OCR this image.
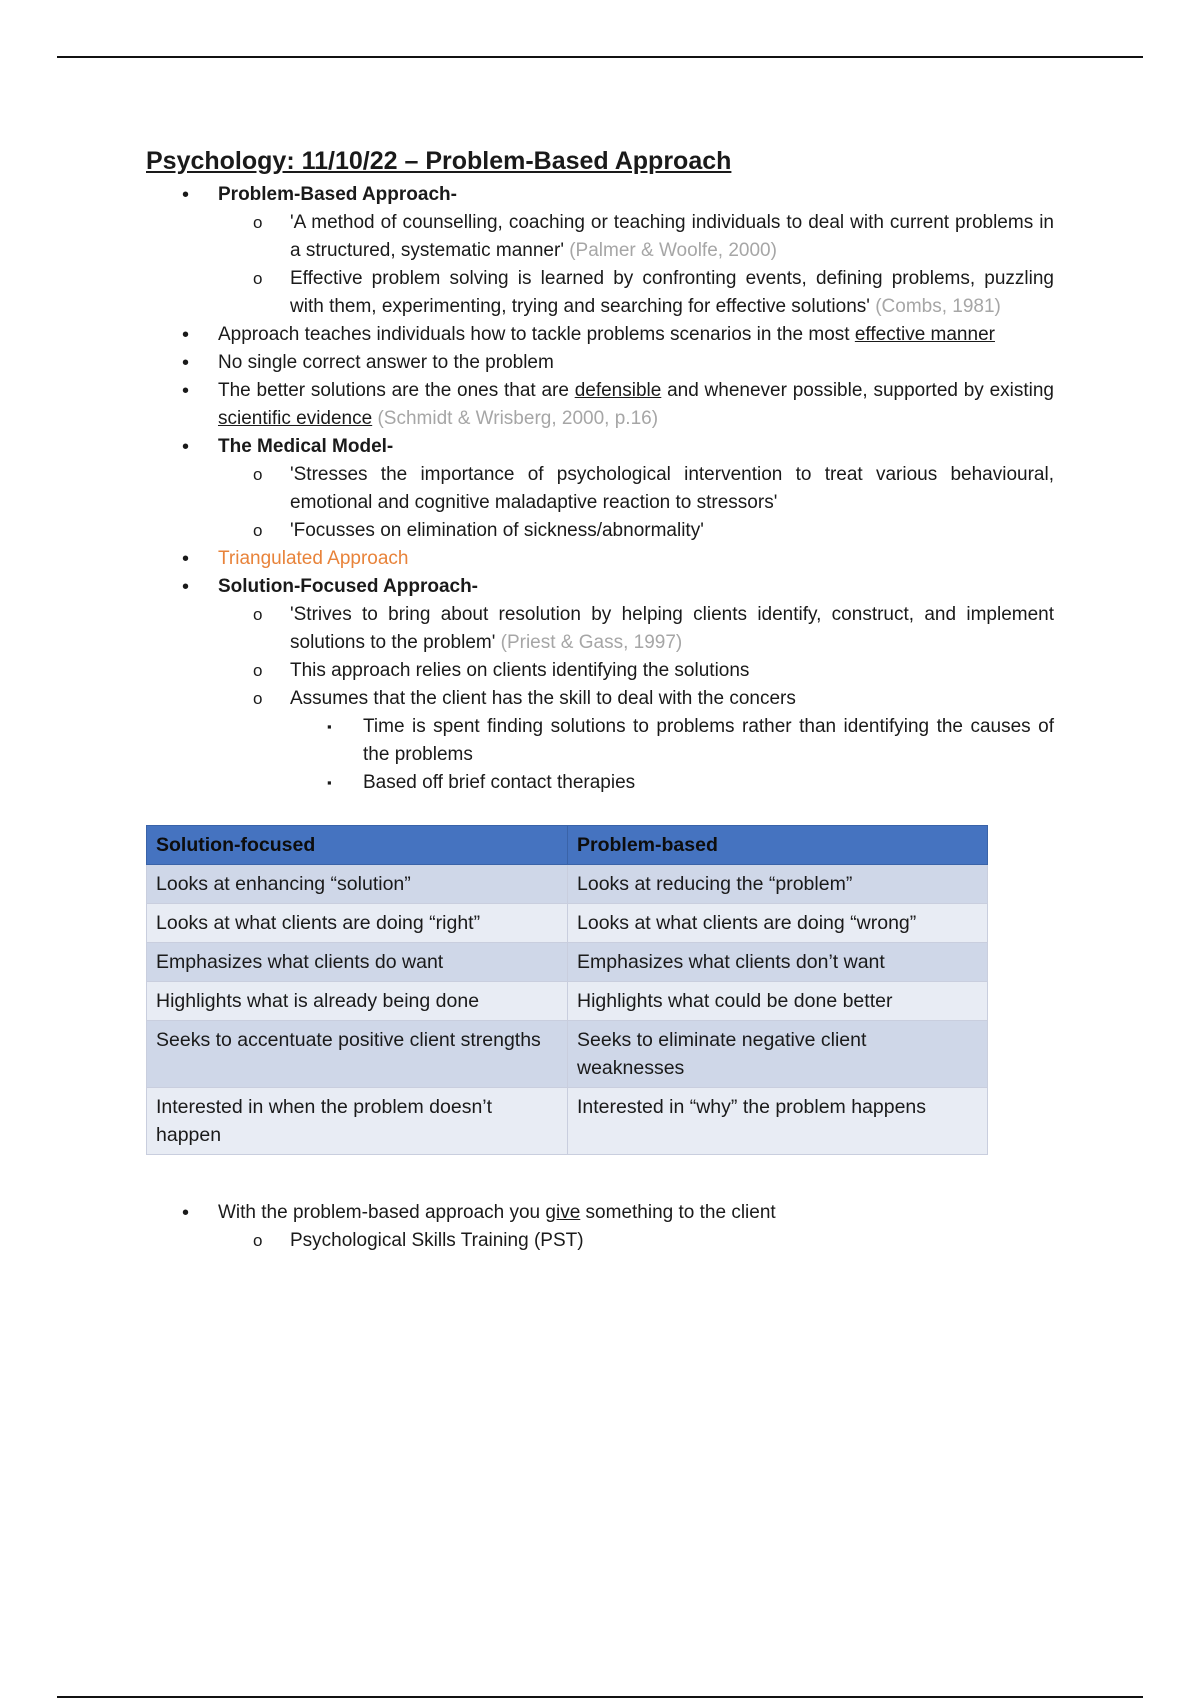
Psychology: 11/10/22 – Problem-Based Approach
• Problem-Based Approach-
o 'A method of counselling, coaching or teaching individuals to deal with current problems in a structured, systematic manner' (Palmer & Woolfe, 2000)
o Effective problem solving is learned by confronting events, defining problems, puzzling with them, experimenting, trying and searching for effective solutions' (Combs, 1981)
• Approach teaches individuals how to tackle problems scenarios in the most effective manner
• No single correct answer to the problem
• The better solutions are the ones that are defensible and whenever possible, supported by existing scientific evidence (Schmidt & Wrisberg, 2000, p.16)
• The Medical Model-
o 'Stresses the importance of psychological intervention to treat various behavioural, emotional and cognitive maladaptive reaction to stressors'
o 'Focusses on elimination of sickness/abnormality'
• Triangulated Approach
• Solution-Focused Approach-
o 'Strives to bring about resolution by helping clients identify, construct, and implement solutions to the problem' (Priest & Gass, 1997)
o This approach relies on clients identifying the solutions
o Assumes that the client has the skill to deal with the concers
▪ Time is spent finding solutions to problems rather than identifying the causes of the problems
▪ Based off brief contact therapies
Solution-focused	Problem-based
Looks at enhancing “solution”	Looks at reducing the “problem”
Looks at what clients are doing “right”	Looks at what clients are doing “wrong”
Emphasizes what clients do want	Emphasizes what clients don’t want
Highlights what is already being done	Highlights what could be done better
Seeks to accentuate positive client strengths	Seeks to eliminate negative client weaknesses
Interested in when the problem doesn’t happen	Interested in “why” the problem happens
• With the problem-based approach you give something to the client
o Psychological Skills Training (PST)
